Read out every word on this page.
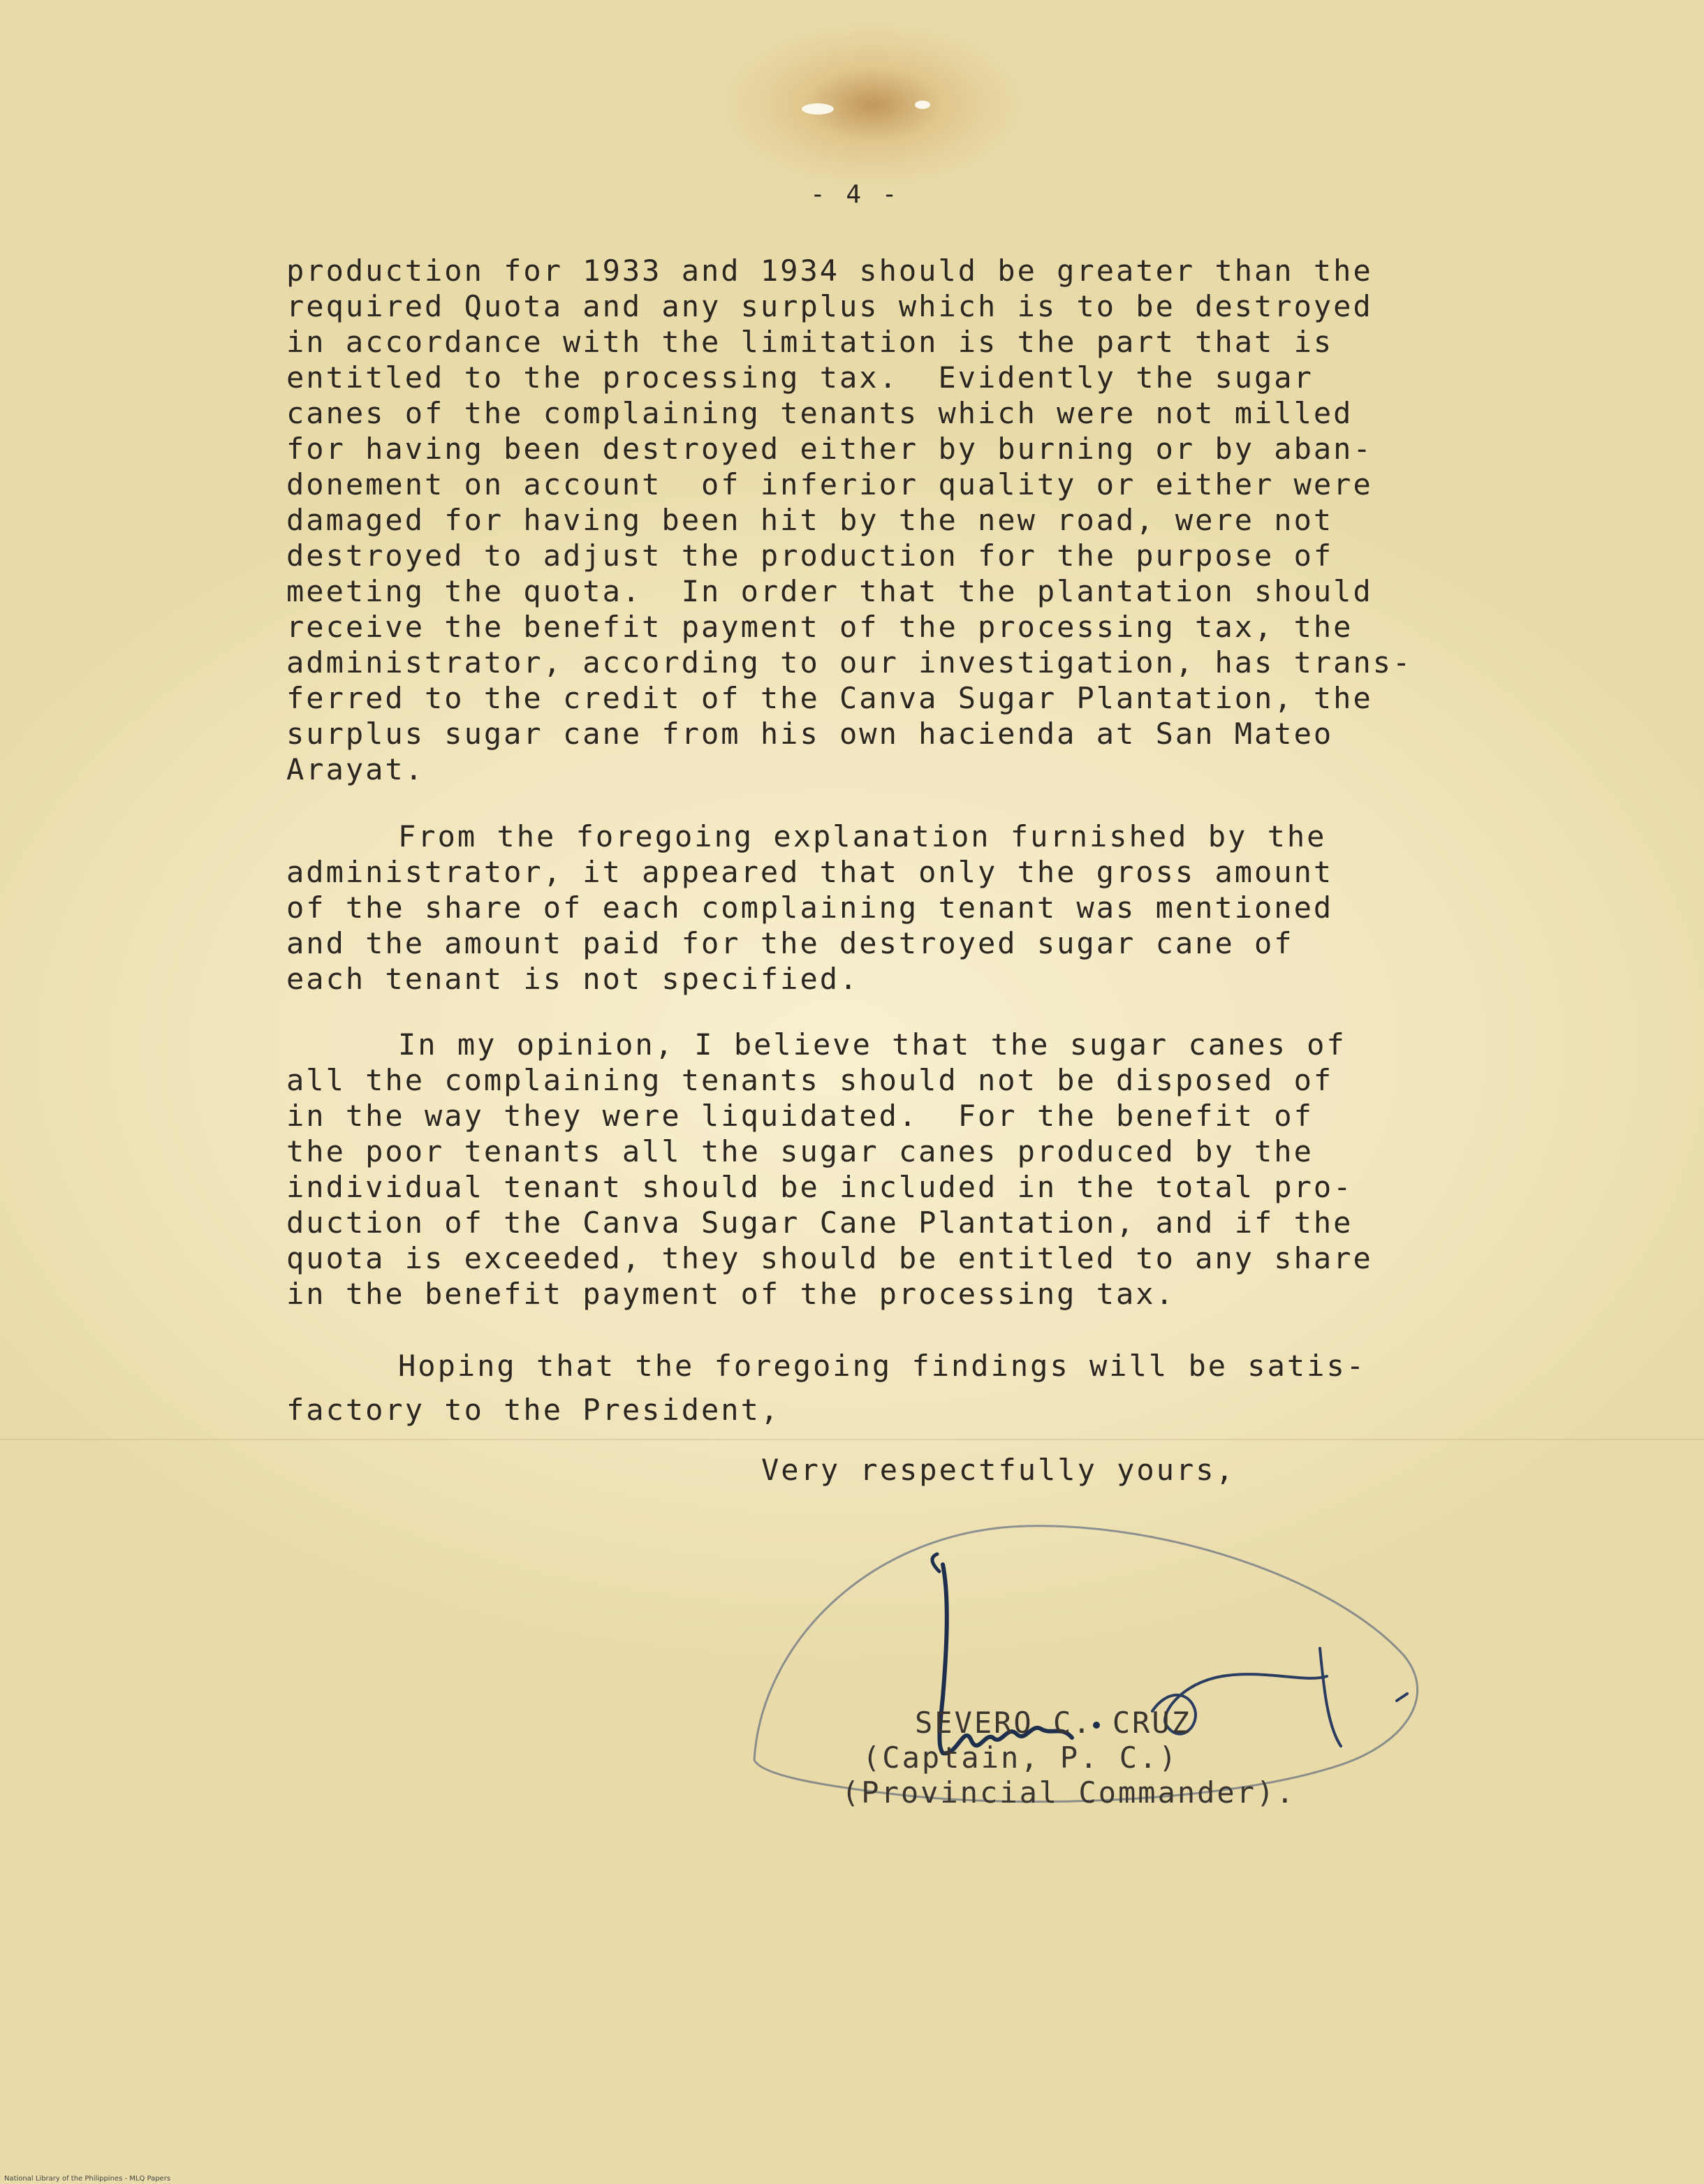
- 4 -
production for 1933 and 1934 should be greater than the
required Quota and any surplus which is to be destroyed
in accordance with the limitation is the part that is
entitled to the processing tax.  Evidently the sugar
canes of the complaining tenants which were not milled
for having been destroyed either by burning or by aban-
donement on account  of inferior quality or either were
damaged for having been hit by the new road, were not
destroyed to adjust the production for the purpose of
meeting the quota.  In order that the plantation should
receive the benefit payment of the processing tax, the
administrator, according to our investigation, has trans-
ferred to the credit of the Canva Sugar Plantation, the
surplus sugar cane from his own hacienda at San Mateo
Arayat.
From the foregoing explanation furnished by the
administrator, it appeared that only the gross amount
of the share of each complaining tenant was mentioned
and the amount paid for the destroyed sugar cane of
each tenant is not specified.
In my opinion, I believe that the sugar canes of
all the complaining tenants should not be disposed of
in the way they were liquidated.  For the benefit of
the poor tenants all the sugar canes produced by the
individual tenant should be included in the total pro-
duction of the Canva Sugar Cane Plantation, and if the
quota is exceeded, they should be entitled to any share
in the benefit payment of the processing tax.
Hoping that the foregoing findings will be satis-
factory to the President,
Very respectfully yours,
SEVERO C. CRUZ
(Captain, P. C.)
(Provincial Commander).
National Library of the Philippines - MLQ Papers
